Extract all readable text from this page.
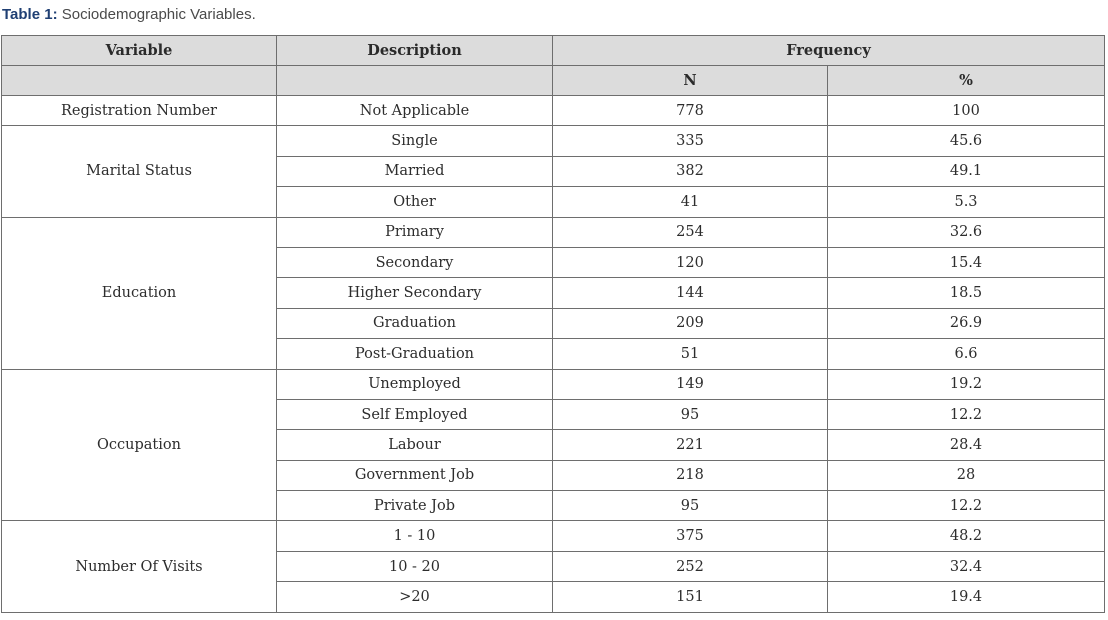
Table 1: Sociodemographic Variables.
Variable	Description	Frequency	
		N	%
Registration Number	Not Applicable	778	100
Marital Status	Single	335	45.6
	Married	382	49.1
	Other	41	5.3
Education	Primary	254	32.6
	Secondary	120	15.4
	Higher Secondary	144	18.5
	Graduation	209	26.9
	Post-Graduation	51	6.6
Occupation	Unemployed	149	19.2
	Self Employed	95	12.2
	Labour	221	28.4
	Government Job	218	28
	Private Job	95	12.2
Number Of Visits	1 - 10	375	48.2
	10 - 20	252	32.4
	>20	151	19.4
